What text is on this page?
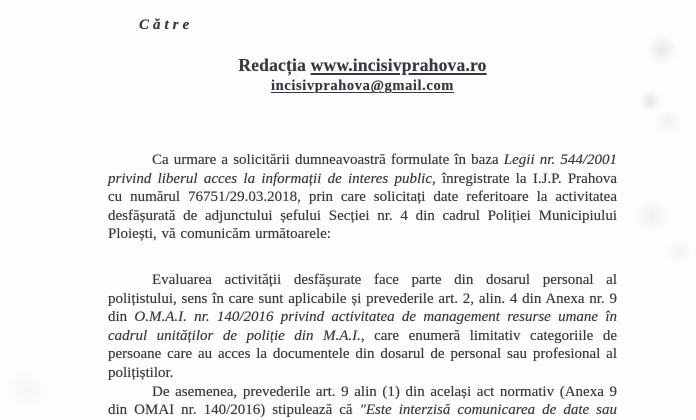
Către
Redacția www.incisivprahova.ro
incisivprahova@gmail.com

Ca urmare a solicitării dumneavoastră formulate în baza Legii nr. 544/2001 privind liberul acces la informații de interes public, înregistrate la I.J.P. Prahova cu numărul 76751/29.03.2018, prin care solicitați date referitoare la activitatea desfășurată de adjunctului șefului Secției nr. 4 din cadrul Poliției Municipiului Ploiești, vă comunicăm următoarele:

Evaluarea activității desfășurate face parte din dosarul personal al polițistului, sens în care sunt aplicabile și prevederile art. 2, alin. 4 din Anexa nr. 9 din O.M.A.I. nr. 140/2016 privind activitatea de management resurse umane în cadrul unităților de poliție din M.A.I., care enumeră limitativ categoriile de persoane care au acces la documentele din dosarul de personal sau profesional al polițiștilor.

De asemenea, prevederile art. 9 alin (1) din același act normativ (Anexa 9 din OMAI nr. 140/2016) stipulează că "Este interzisă comunicarea de date sau
